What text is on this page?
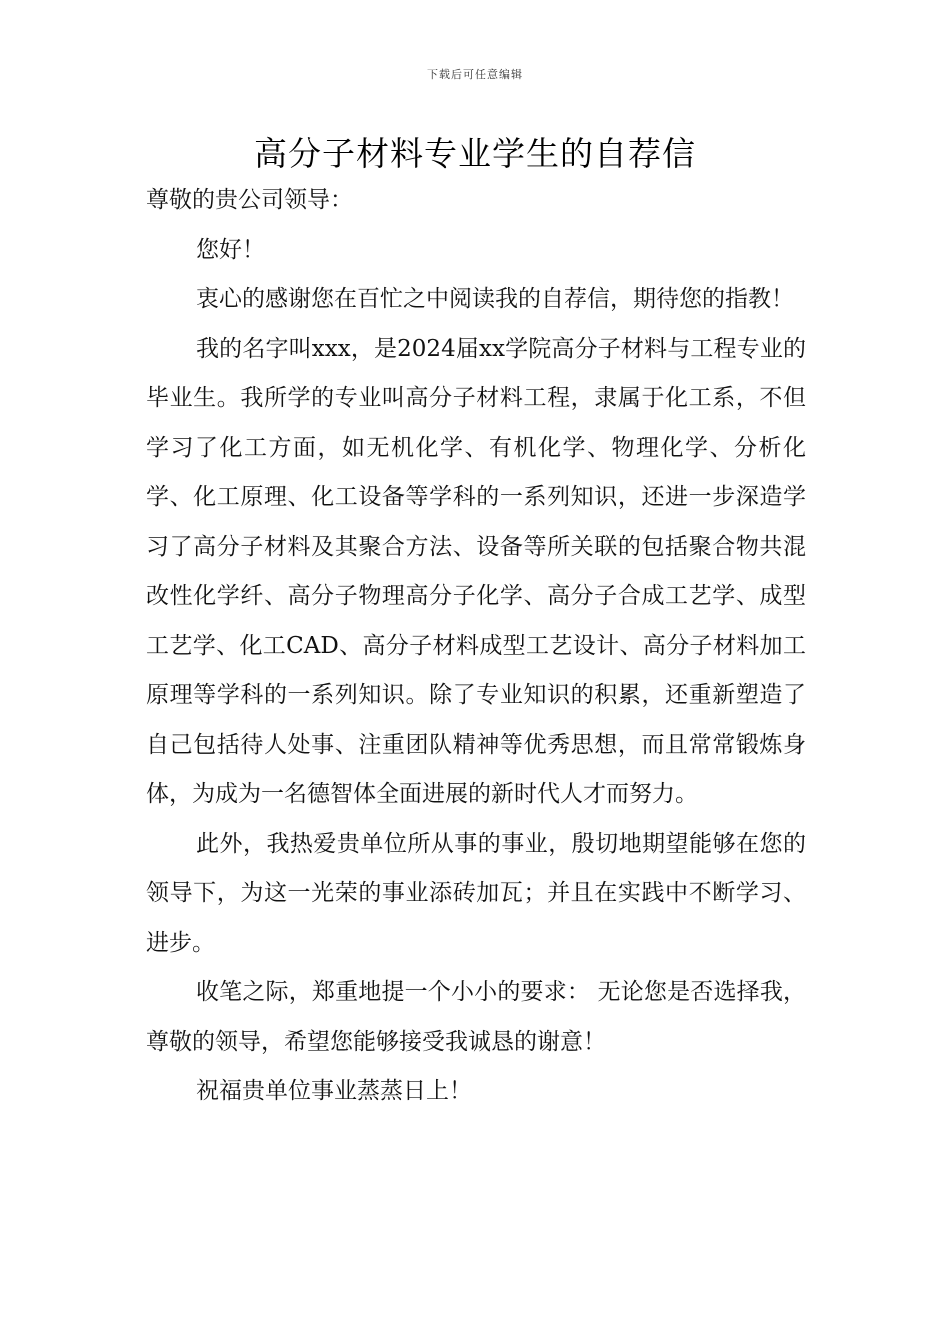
下载后可任意编辑
高分子材料专业学生的自荐信

尊敬的贵公司领导：

您好！

衷心的感谢您在百忙之中阅读我的自荐信，期待您的指教！

我的名字叫xxx，是2024届xx学院高分子材料与工程专业的毕业生。我所学的专业叫高分子材料工程，隶属于化工系，不但学习了化工方面，如无机化学、有机化学、物理化学、分析化学、化工原理、化工设备等学科的一系列知识，还进一步深造学习了高分子材料及其聚合方法、设备等所关联的包括聚合物共混改性化学纤、高分子物理高分子化学、高分子合成工艺学、成型工艺学、化工CAD、高分子材料成型工艺设计、高分子材料加工原理等学科的一系列知识。除了专业知识的积累，还重新塑造了自己包括待人处事、注重团队精神等优秀思想，而且常常锻炼身体，为成为一名德智体全面进展的新时代人才而努力。

此外，我热爱贵单位所从事的事业，殷切地期望能够在您的领导下，为这一光荣的事业添砖加瓦；并且在实践中不断学习、进步。

收笔之际，郑重地提一个小小的要求： 无论您是否选择我，尊敬的领导，希望您能够接受我诚恳的谢意！

祝福贵单位事业蒸蒸日上！
